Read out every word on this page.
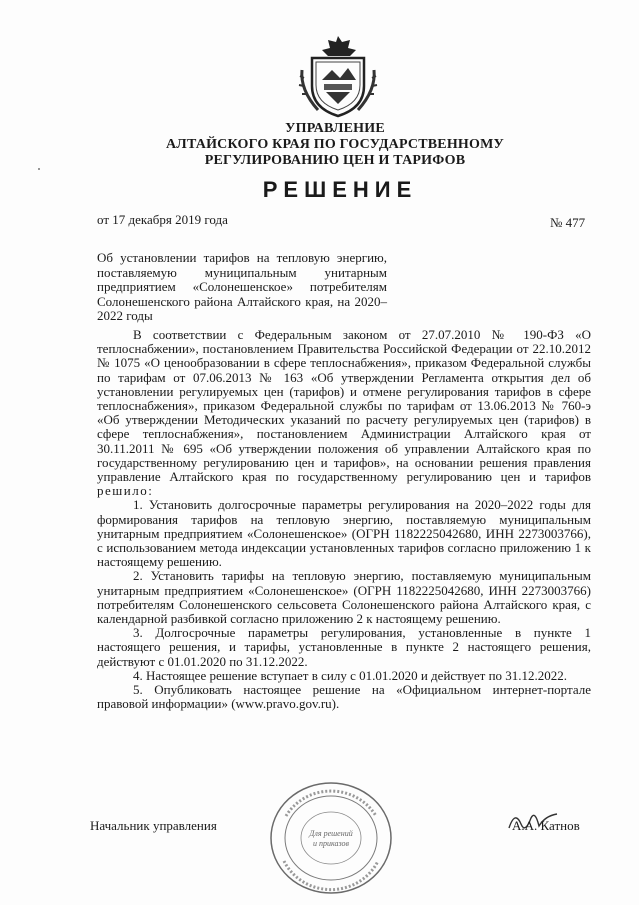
УПРАВЛЕНИЕ
АЛТАЙСКОГО КРАЯ ПО ГОСУДАРСТВЕННОМУ
РЕГУЛИРОВАНИЮ ЦЕН И ТАРИФОВ
РЕШЕНИЕ
от 17 декабря 2019 года	№ 477
Об установлении тарифов на тепловую энергию, поставляемую муниципальным унитарным предприятием «Солонешенское» потребителям Солонешенского района Алтайского края, на 2020–2022 годы

В соответствии с Федеральным законом от 27.07.2010 № 190-ФЗ «О теплоснабжении», постановлением Правительства Российской Федерации от 22.10.2012 № 1075 «О ценообразовании в сфере теплоснабжения», приказом Федеральной службы по тарифам от 07.06.2013 № 163 «Об утверждении Регламента открытия дел об установлении регулируемых цен (тарифов) и отмене регулирования тарифов в сфере теплоснабжения», приказом Федеральной службы по тарифам от 13.06.2013 № 760-э «Об утверждении Методических указаний по расчету регулируемых цен (тарифов) в сфере теплоснабжения», постановлением Администрации Алтайского края от 30.11.2011 № 695 «Об утверждении положения об управлении Алтайского края по государственному регулированию цен и тарифов», на основании решения правления управление Алтайского края по государственному регулированию цен и тарифов решило:

1. Установить долгосрочные параметры регулирования на 2020–2022 годы для формирования тарифов на тепловую энергию, поставляемую муниципальным унитарным предприятием «Солонешенское» (ОГРН 1182225042680, ИНН 2273003766), с использованием метода индексации установленных тарифов согласно приложению 1 к настоящему решению.

2. Установить тарифы на тепловую энергию, поставляемую муниципальным унитарным предприятием «Солонешенское» (ОГРН 1182225042680, ИНН 2273003766) потребителям Солонешенского сельсовета Солонешенского района Алтайского края, с календарной разбивкой согласно приложению 2 к настоящему решению.

3. Долгосрочные параметры регулирования, установленные в пункте 1 настоящего решения, и тарифы, установленные в пункте 2 настоящего решения, действуют с 01.01.2020 по 31.12.2022.

4. Настоящее решение вступает в силу с 01.01.2020 и действует по 31.12.2022.

5. Опубликовать настоящее решение на «Официальном интернет-портале правовой информации» (www.pravo.gov.ru).

Для решений
и приказов
Начальник управления	А.А. Катнов
